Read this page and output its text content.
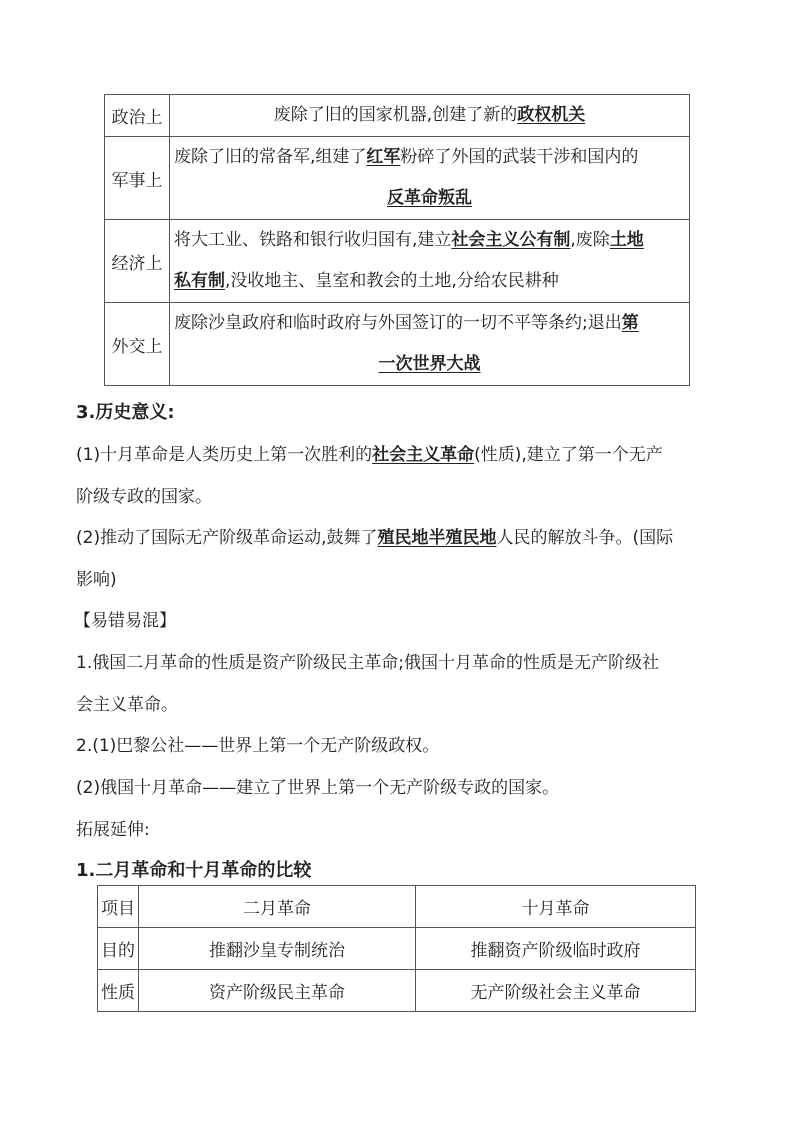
政治上	废除了旧的国家机器,创建了新的政权机关
军事上	废除了旧的常备军,组建了红军粉碎了外国的武装干涉和国内的
反革命叛乱

经济上	将大工业、铁路和银行收归国有,建立社会主义公有制,废除土地
私有制,没收地主、皇室和教会的土地,分给农民耕种

外交上	废除沙皇政府和临时政府与外国签订的一切不平等条约;退出第
一次世界大战
3.历史意义:
(1)十月革命是人类历史上第一次胜利的社会主义革命(性质),建立了第一个无产
阶级专政的国家。
(2)推动了国际无产阶级革命运动,鼓舞了殖民地半殖民地人民的解放斗争。(国际
影响)
【易错易混】
1.俄国二月革命的性质是资产阶级民主革命;俄国十月革命的性质是无产阶级社
会主义革命。
2.(1)巴黎公社——世界上第一个无产阶级政权。
(2)俄国十月革命——建立了世界上第一个无产阶级专政的国家。
拓展延伸:
1.二月革命和十月革命的比较
项目	二月革命	十月革命
目的	推翻沙皇专制统治	推翻资产阶级临时政府
性质	资产阶级民主革命	无产阶级社会主义革命
